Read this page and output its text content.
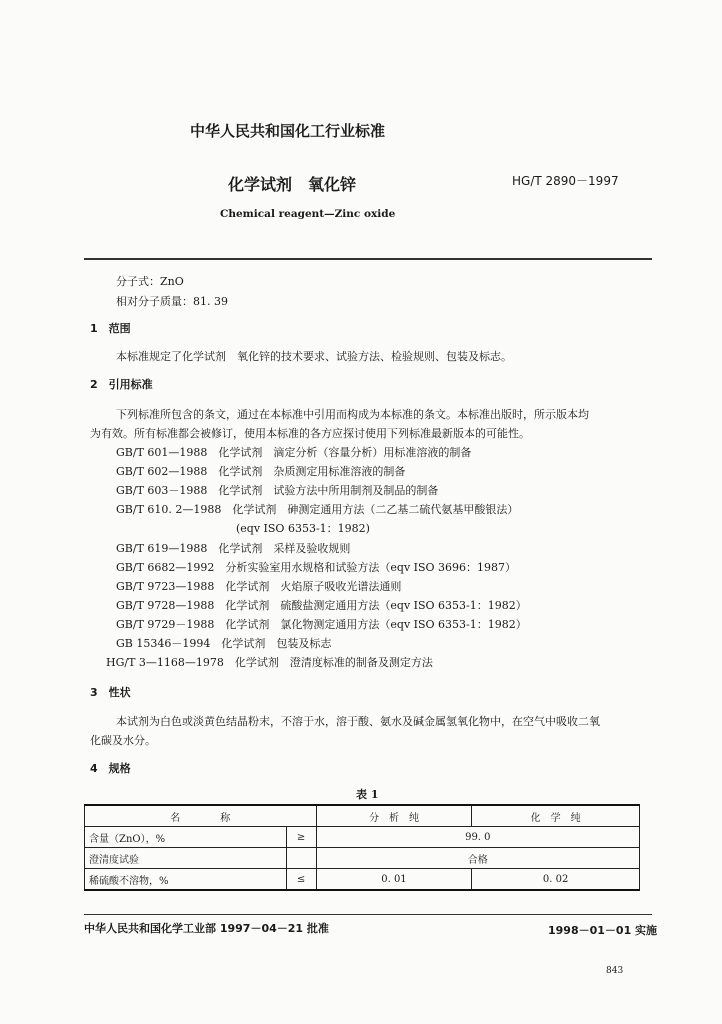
中华人民共和国化工行业标准
化学试剂　氧化锌	HG/T 2890－1997
Chemical reagent—Zinc oxide
分子式：ZnO
相对分子质量：81. 39
1　范围
本标准规定了化学试剂　氧化锌的技术要求、试验方法、检验规则、包装及标志。
2　引用标准
下列标准所包含的条文，通过在本标准中引用而构成为本标准的条文。本标准出版时，所示版本均
为有效。所有标准都会被修订，使用本标准的各方应探讨使用下列标准最新版本的可能性。
GB/T 601—1988　化学试剂　滴定分析（容量分析）用标准溶液的制备
GB/T 602—1988　化学试剂　杂质测定用标准溶液的制备
GB/T 603－1988　化学试剂　试验方法中所用制剂及制品的制备
GB/T 610. 2—1988　化学试剂　砷测定通用方法（二乙基二硫代氨基甲酸银法）
(eqv ISO 6353-1：1982)
GB/T 619—1988　化学试剂　采样及验收规则
GB/T 6682—1992　分析实验室用水规格和试验方法（eqv ISO 3696：1987）
GB/T 9723—1988　化学试剂　火焰原子吸收光谱法通则
GB/T 9728—1988　化学试剂　硫酸盐测定通用方法（eqv ISO 6353-1：1982）
GB/T 9729－1988　化学试剂　氯化物测定通用方法（eqv ISO 6353-1：1982）
GB 15346－1994　化学试剂　包装及标志
HG/T 3—1168—1978　化学试剂　澄清度标准的制备及测定方法
3　性状
本试剂为白色或淡黄色结晶粉末，不溶于水，溶于酸、氨水及碱金属氢氧化物中，在空气中吸收二氧
化碳及水分。
4　规格
表 1
名　　　　称		分　析　纯	化　学　纯
含量（ZnO），%	≥	99. 0	
澄清度试验		合格	
稀硫酸不溶物，%	≤	0. 01	0. 02
中华人民共和国化学工业部 1997－04－21 批准	1998－01－01 实施
843
